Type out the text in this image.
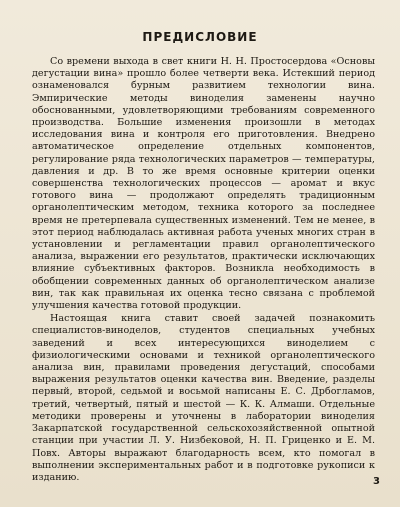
ПРЕДИСЛОВИЕ

Со времени выхода в свет книги Н. Н. Простосердова «Основы дегустации вина» прошло более четверти века. Истекший период ознаменовался бурным развитием технологии вина. Эмпирические методы виноделия заменены научно обоснованными, удовлетворяющими требованиям современного производства. Большие изменения произошли в методах исследования вина и контроля его приготовления. Внедрено автоматическое определение отдельных компонентов, регулирование ряда технологических параметров — температуры, давления и др. В то же время основные критерии оценки совершенства технологических процессов — аромат и вкус готового вина — продолжают определять традиционным органолептическим методом, техника которого за последнее время не претерпевала существенных изменений. Тем не менее, в этот период наблюдалась активная работа ученых многих стран в установлении и регламентации правил органолептического анализа, выражении его результатов, практически исключающих влияние субъективных факторов. Возникла необходимость в обобщении современных данных об органолептическом анализе вин, так как правильная их оценка тесно связана с проблемой улучшения качества готовой продукции.

Настоящая книга ставит своей задачей познакомить специалистов-виноделов, студентов специальных учебных заведений и всех интересующихся виноделием с физиологическими основами и техникой органолептического анализа вин, правилами проведения дегустаций, способами выражения результатов оценки качества вин. Введение, разделы первый, второй, седьмой и восьмой написаны Е. С. Дрбогламов, третий, четвертый, пятый и шестой — К. К. Алмаши. Отдельные методики проверены и уточнены в лаборатории виноделия Закарпатской государственной сельскохозяйственной опытной станции при участии Л. У. Низбековой, Н. П. Гриценко и Е. М. Повх. Авторы выражают благодарность всем, кто помогал в выполнении экспериментальных работ и в подготовке рукописи к изданию.	3
